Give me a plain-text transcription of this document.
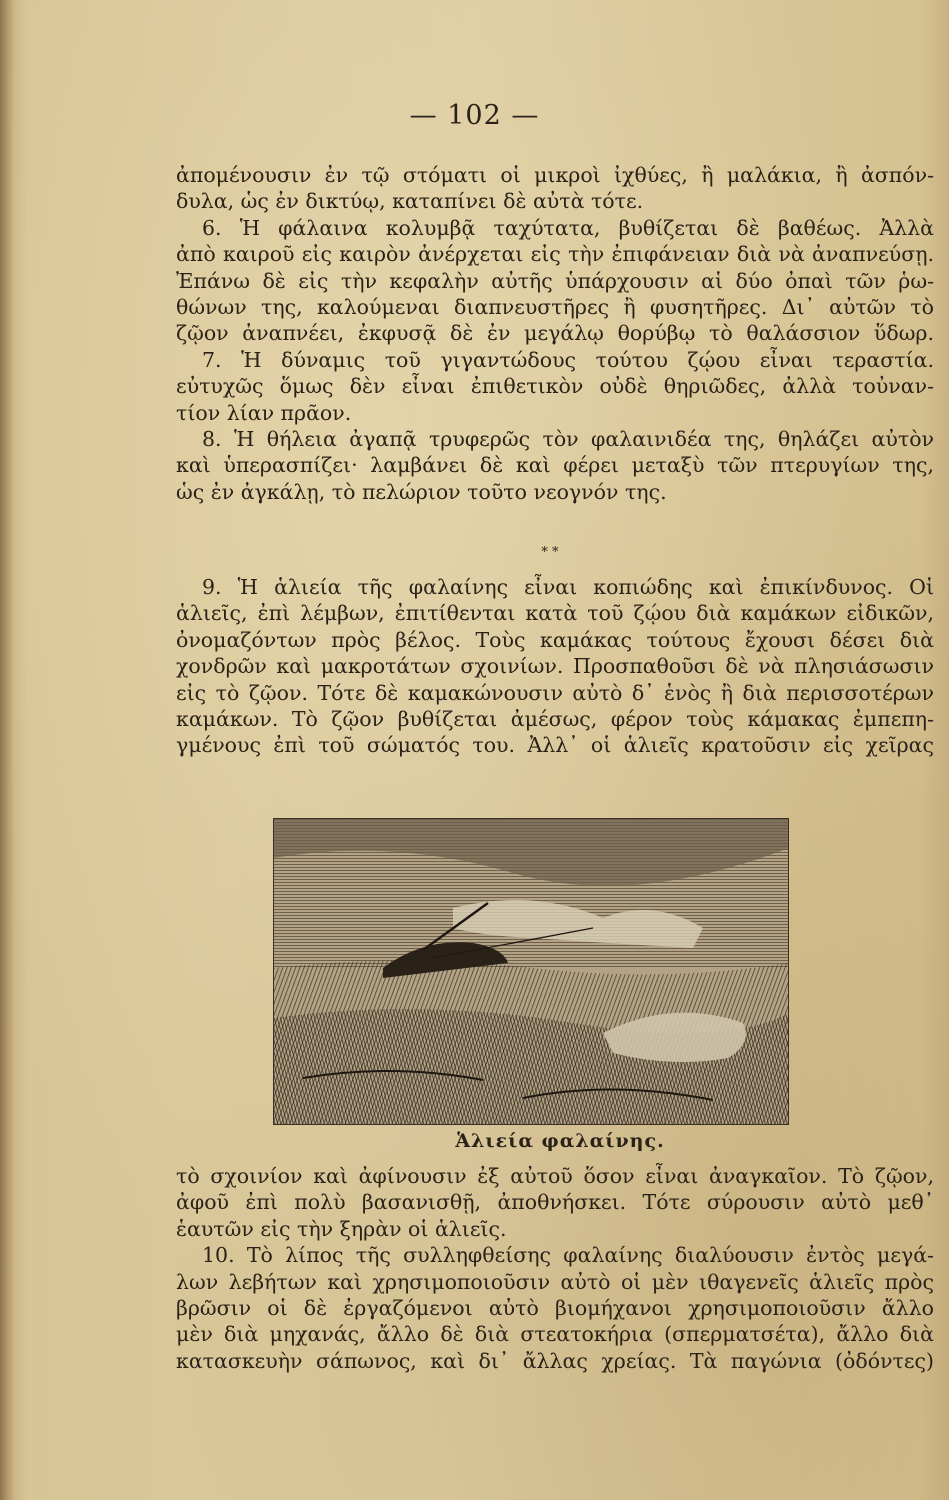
— 102 —
ἀπομένουσιν ἐν τῷ στόματι οἱ μικροὶ ἰχθύες, ἢ μαλάκια, ἢ ἀσπόν-
δυλα, ὡς ἐν δικτύῳ, καταπίνει δὲ αὐτὰ τότε.
6. Ἡ φάλαινα κολυμβᾷ ταχύτατα, βυθίζεται δὲ βαθέως. Ἀλλὰ
ἀπὸ καιροῦ εἰς καιρὸν ἀνέρχεται εἰς τὴν ἐπιφάνειαν διὰ νὰ ἀναπνεύσῃ.
Ἐπάνω δὲ εἰς τὴν κεφαλὴν αὐτῆς ὑπάρχουσιν αἱ δύο ὀπαὶ τῶν ῥω-
θώνων της, καλούμεναι διαπνευστῆρες ἢ φυσητῆρες. Δι᾽ αὐτῶν τὸ
ζῷον ἀναπνέει, ἐκφυσᾷ δὲ ἐν μεγάλῳ θορύβῳ τὸ θαλάσσιον ὕδωρ.
7. Ἡ δύναμις τοῦ γιγαντώδους τούτου ζῴου εἶναι τεραστία.
εὐτυχῶς ὅμως δὲν εἶναι ἐπιθετικὸν οὐδὲ θηριῶδες, ἀλλὰ τοὐναν-
τίον λίαν πρᾶον.
8. Ἡ θήλεια ἀγαπᾷ τρυφερῶς τὸν φαλαινιδέα της, θηλάζει αὐτὸν
καὶ ὑπερασπίζει· λαμβάνει δὲ καὶ φέρει μεταξὺ τῶν πτερυγίων της,
ὡς ἐν ἀγκάλῃ, τὸ πελώριον τοῦτο νεογνόν της.
* *
9. Ἡ ἁλιεία τῆς φαλαίνης εἶναι κοπιώδης καὶ ἐπικίνδυνος. Οἱ
ἁλιεῖς, ἐπὶ λέμβων, ἐπιτίθενται κατὰ τοῦ ζῴου διὰ καμάκων εἰδικῶν,
ὀνομαζόντων πρὸς βέλος. Τοὺς καμάκας τούτους ἔχουσι δέσει διὰ
χονδρῶν καὶ μακροτάτων σχοινίων. Προσπαθοῦσι δὲ νὰ πλησιάσωσιν
εἰς τὸ ζῷον. Τότε δὲ καμακώνουσιν αὐτὸ δ᾽ ἑνὸς ἢ διὰ περισσοτέρων
καμάκων. Τὸ ζῷον βυθίζεται ἀμέσως, φέρον τοὺς κάμακας ἐμπεπη-
γμένους ἐπὶ τοῦ σώματός του. Ἀλλ᾽ οἱ ἁλιεῖς κρατοῦσιν εἰς χεῖρας
Ἁλιεία φαλαίνης.
τὸ σχοινίον καὶ ἀφίνουσιν ἐξ αὐτοῦ ὅσον εἶναι ἀναγκαῖον. Τὸ ζῷον,
ἀφοῦ ἐπὶ πολὺ βασανισθῇ, ἀποθνήσκει. Τότε σύρουσιν αὐτὸ μεθ᾽
ἑαυτῶν εἰς τὴν ξηρὰν οἱ ἁλιεῖς.
10. Τὸ λίπος τῆς συλληφθείσης φαλαίνης διαλύουσιν ἐντὸς μεγά-
λων λεβήτων καὶ χρησιμοποιοῦσιν αὐτὸ οἱ μὲν ιθαγενεῖς ἁλιεῖς πρὸς
βρῶσιν οἱ δὲ ἐργαζόμενοι αὐτὸ βιομήχανοι χρησιμοποιοῦσιν ἄλλο
μὲν διὰ μηχανάς, ἄλλο δὲ διὰ στεατοκήρια (σπερματσέτα), ἄλλο διὰ
κατασκευὴν σάπωνος, καὶ δι᾽ ἄλλας χρείας. Τὰ παγώνια (ὀδόντες)
